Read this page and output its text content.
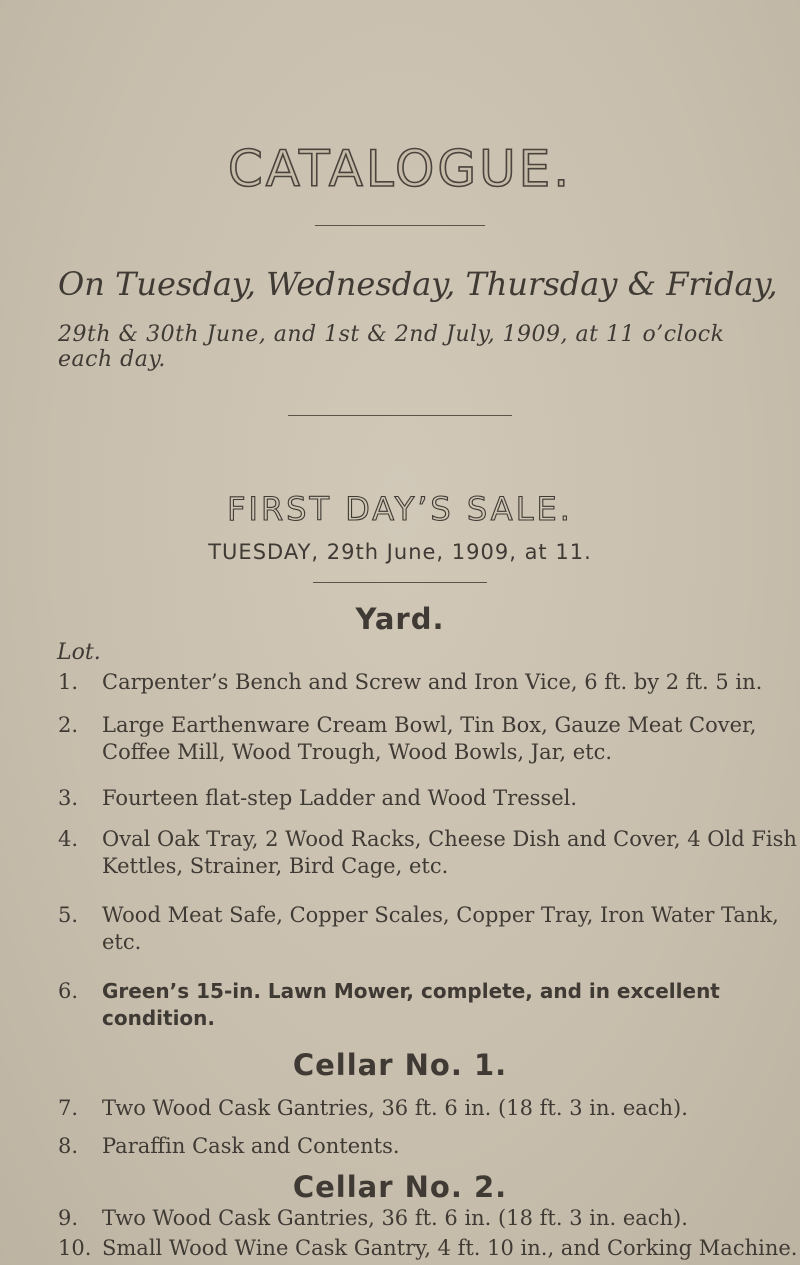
CATALOGUE.
On Tuesday, Wednesday, Thursday & Friday,
29th & 30th June, and 1st & 2nd July, 1909, at 11 o’clock each day.
FIRST DAY’S SALE.
TUESDAY, 29th June, 1909, at 11.
Yard.
Lot.
1.	Carpenter’s Bench and Screw and Iron Vice, 6 ft. by 2 ft. 5 in.
2.	Large Earthenware Cream Bowl, Tin Box, Gauze Meat Cover, Coffee Mill, Wood Trough, Wood Bowls, Jar, etc.
3.	Fourteen flat-step Ladder and Wood Tressel.
4.	Oval Oak Tray, 2 Wood Racks, Cheese Dish and Cover, 4 Old Fish Kettles, Strainer, Bird Cage, etc.
5.	Wood Meat Safe, Copper Scales, Copper Tray, Iron Water Tank, etc.
6.	Green’s 15-in. Lawn Mower, complete, and in excellent condition.
Cellar No. 1.
7.	Two Wood Cask Gantries, 36 ft. 6 in. (18 ft. 3 in. each).
8.	Paraffin Cask and Contents.
Cellar No. 2.
9.	Two Wood Cask Gantries, 36 ft. 6 in. (18 ft. 3 in. each).
10. Small Wood Wine Cask Gantry, 4 ft. 10 in., and Corking Machine.
